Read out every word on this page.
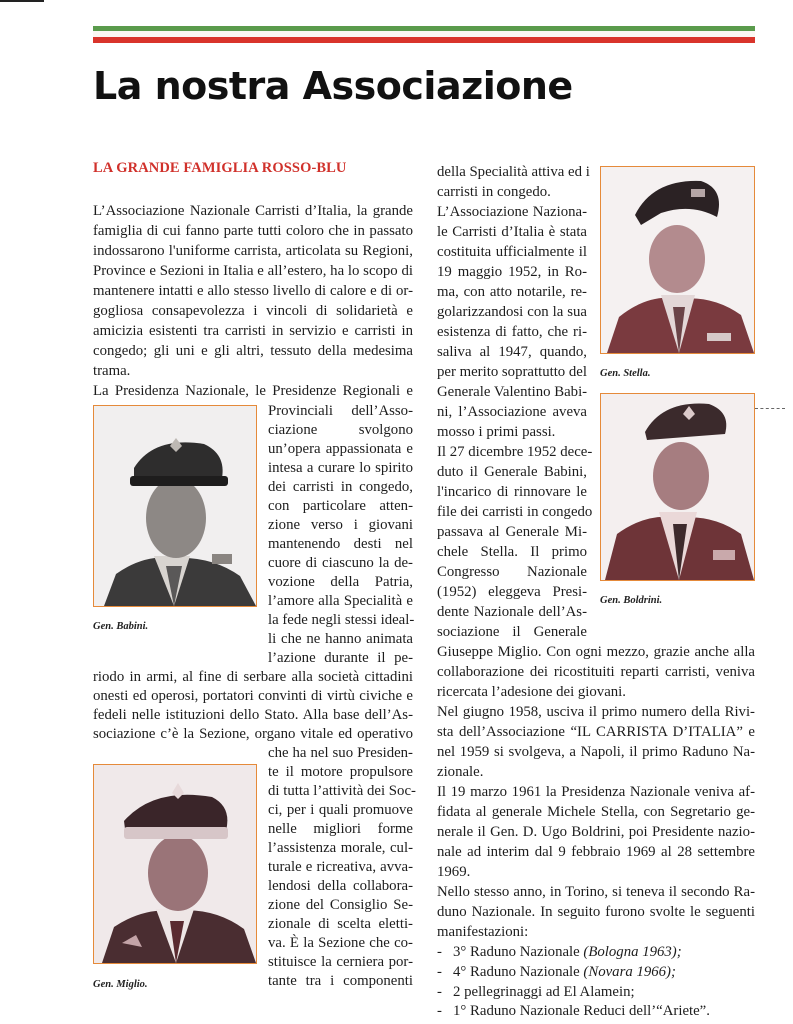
La nostra Associazione
LA GRANDE FAMIGLIA ROSSO-BLU
L’Associazione Nazionale Carristi d’Italia, la grande
famiglia di cui fanno parte tutti coloro che in passato
indossarono l'uniforme carrista, articolata su Regioni,
Province e Sezioni in Italia e all’estero, ha lo scopo di
mantenere intatti e allo stesso livello di calore e di or-
gogliosa consapevolezza i vincoli di solidarietà e
amicizia esistenti tra carristi in servizio e carristi in
congedo; gli uni e gli altri, tessuto della medesima
trama.
La Presidenza Nazionale, le Presidenze Regionali e
Provinciali dell’Asso-
ciazione svolgono
un’opera appassionata e
intesa a curare lo spirito
dei carristi in congedo,
con particolare atten-
zione verso i giovani
mantenendo desti nel
cuore di ciascuno la de-
vozione della Patria,
l’amore alla Specialità e
la fede negli stessi ideal-
li che ne hanno animata
l’azione durante il pe-
riodo in armi, al fine di serbare alla società cittadini
onesti ed operosi, portatori convinti di virtù civiche e
fedeli nelle istituzioni dello Stato. Alla base dell’As-
sociazione c’è la Sezione, organo vitale ed operativo
che ha nel suo Presiden-
te il motore propulsore
di tutta l’attività dei Soc-
ci, per i quali promuove
nelle migliori forme
l’assistenza morale, cul-
turale e ricreativa, avva-
lendosi della collabora-
zione del Consiglio Se-
zionale di scelta eletti-
va. È la Sezione che co-
stituisce la cerniera por-
tante tra i componenti
della Specialità attiva ed i
carristi in congedo.
L’Associazione Naziona-
le Carristi d’Italia è stata
costituita ufficialmente il
19 maggio 1952, in Ro-
ma, con atto notarile, re-
golarizzandosi con la sua
esistenza di fatto, che ri-
saliva al 1947, quando,
per merito soprattutto del
Generale Valentino Babi-
ni, l’Associazione aveva
mosso i primi passi.
Il 27 dicembre 1952 dece-
duto il Generale Babini,
l'incarico di rinnovare le
file dei carristi in congedo
passava al Generale Mi-
chele Stella. Il primo
Congresso Nazionale
(1952) eleggeva Presi-
dente Nazionale dell’As-
sociazione il Generale
Giuseppe Miglio. Con ogni mezzo, grazie anche alla
collaborazione dei ricostituiti reparti carristi, veniva
ricercata l’adesione dei giovani.
Nel giugno 1958, usciva il primo numero della Rivi-
sta dell’Associazione “IL CARRISTA D’ITALIA” e
nel 1959 si svolgeva, a Napoli, il primo Raduno Na-
zionale.
Il 19 marzo 1961 la Presidenza Nazionale veniva af-
fidata al generale Michele Stella, con Segretario ge-
nerale il Gen. D. Ugo Boldrini, poi Presidente nazio-
nale ad interim dal 9 febbraio 1969 al 28 settembre
1969.
Nello stesso anno, in Torino, si teneva il secondo Ra-
duno Nazionale. In seguito furono svolte le seguenti
manifestazioni:
- 3° Raduno Nazionale (Bologna 1963);
- 4° Raduno Nazionale (Novara 1966);
- 2 pellegrinaggi ad El Alamein;
- 1° Raduno Nazionale Reduci dell’“Ariete”.
Gen. Babini.
Gen. Miglio.
Gen. Stella.
Gen. Boldrini.
